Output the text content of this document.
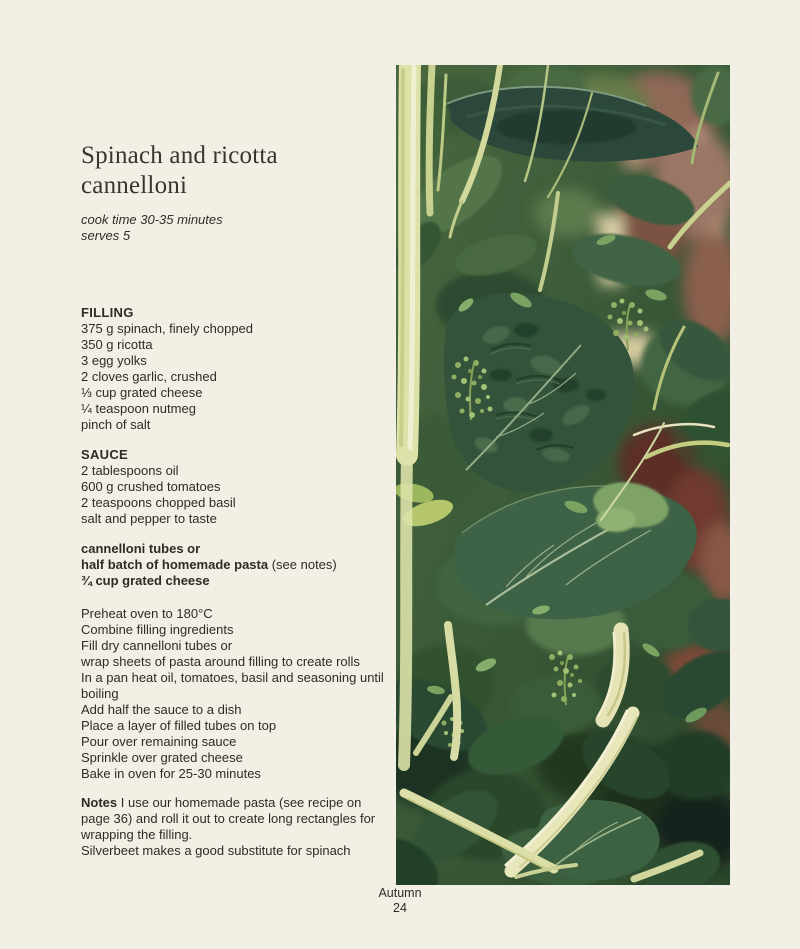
Spinach and ricotta cannelloni
cook time 30-35 minutes
serves 5
FILLING
375 g spinach, finely chopped
350 g ricotta
3 egg yolks
2 cloves garlic, crushed
⅓ cup grated cheese
¼ teaspoon nutmeg
pinch of salt
SAUCE
2 tablespoons oil
600 g crushed tomatoes
2 teaspoons chopped basil
salt and pepper to taste
cannelloni tubes or
half batch of homemade pasta (see notes)
¾ cup grated cheese
Preheat oven to 180°C
Combine filling ingredients
Fill dry cannelloni tubes or
wrap sheets of pasta around filling to create rolls
In a pan heat oil, tomatoes, basil and seasoning until
boiling
Add half the sauce to a dish
Place a layer of filled tubes on top
Pour over remaining sauce
Sprinkle over grated cheese
Bake in oven for 25-30 minutes
Notes I use our homemade pasta (see recipe on
page 36) and roll it out to create long rectangles for
wrapping the filling.
Silverbeet makes a good substitute for spinach
Autumn
24
